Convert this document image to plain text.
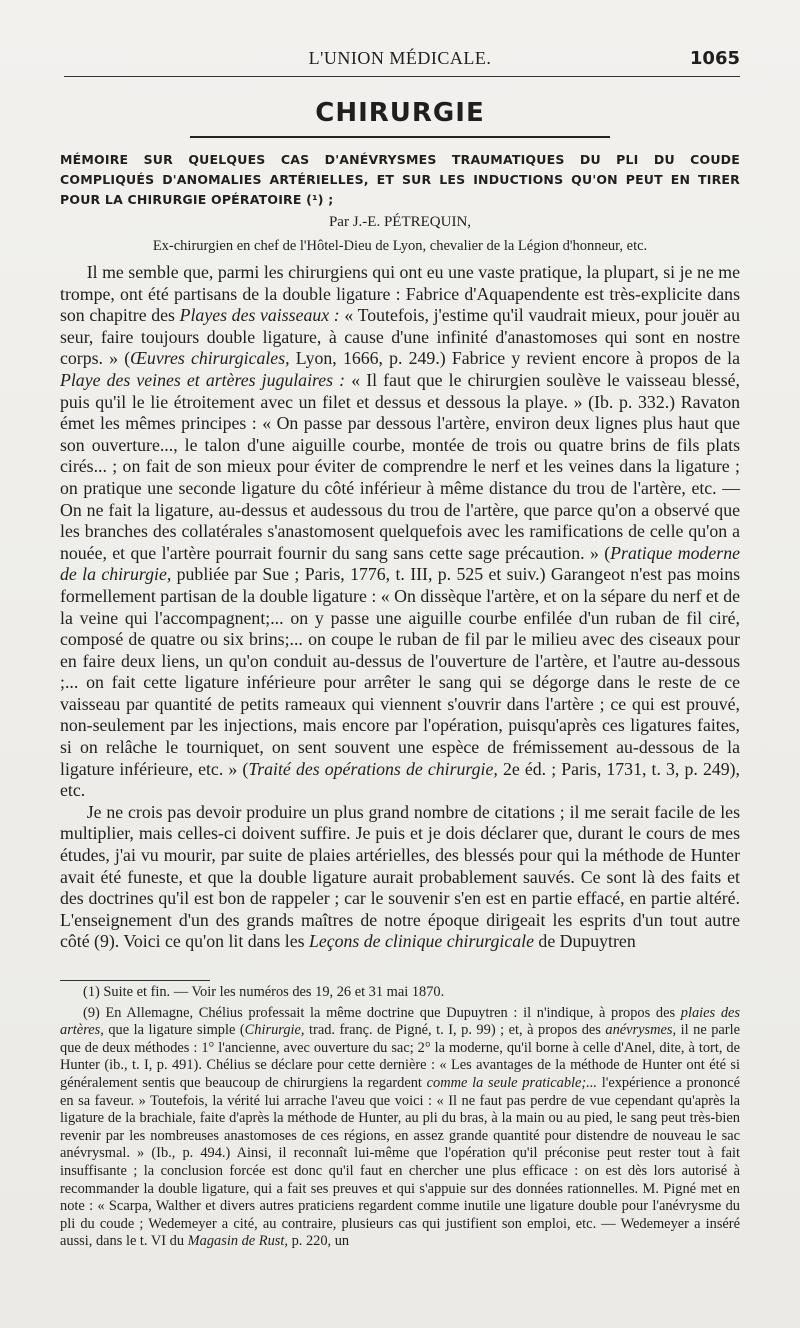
L'UNION MÉDICALE.	1065
CHIRURGIE
MÉMOIRE SUR QUELQUES CAS D'ANÉVRYSMES TRAUMATIQUES DU PLI DU COUDE COMPLIQUÉS D'ANOMALIES ARTÉRIELLES, ET SUR LES INDUCTIONS QU'ON PEUT EN TIRER POUR LA CHIRURGIE OPÉRATOIRE (¹) ;
Par J.-E. PÉTREQUIN,
Ex-chirurgien en chef de l'Hôtel-Dieu de Lyon, chevalier de la Légion d'honneur, etc.

Il me semble que, parmi les chirurgiens qui ont eu une vaste pratique, la plupart, si je ne me trompe, ont été partisans de la double ligature : Fabrice d'Aquapendente est très-explicite dans son chapitre des Playes des vaisseaux : « Toutefois, j'estime qu'il vaudrait mieux, pour jouër au seur, faire toujours double ligature, à cause d'une infinité d'anastomoses qui sont en nostre corps. » (Œuvres chirurgicales, Lyon, 1666, p. 249.) Fabrice y revient encore à propos de la Playe des veines et artères jugulaires : « Il faut que le chirurgien soulève le vaisseau blessé, puis qu'il le lie étroitement avec un filet et dessus et dessous la playe. » (Ib. p. 332.) Ravaton émet les mêmes principes : « On passe par dessous l'artère, environ deux lignes plus haut que son ouverture..., le talon d'une aiguille courbe, montée de trois ou quatre brins de fils plats cirés... ; on fait de son mieux pour éviter de comprendre le nerf et les veines dans la ligature ; on pratique une seconde ligature du côté inférieur à même distance du trou de l'artère, etc. — On ne fait la ligature, au-dessus et audessous du trou de l'artère, que parce qu'on a observé que les branches des collatérales s'anastomosent quelquefois avec les ramifications de celle qu'on a nouée, et que l'artère pourrait fournir du sang sans cette sage précaution. » (Pratique moderne de la chirurgie, publiée par Sue ; Paris, 1776, t. III, p. 525 et suiv.) Garangeot n'est pas moins formellement partisan de la double ligature : « On dissèque l'artère, et on la sépare du nerf et de la veine qui l'accompagnent;... on y passe une aiguille courbe enfilée d'un ruban de fil ciré, composé de quatre ou six brins;... on coupe le ruban de fil par le milieu avec des ciseaux pour en faire deux liens, un qu'on conduit au-dessus de l'ouverture de l'artère, et l'autre au-dessous ;... on fait cette ligature inférieure pour arrêter le sang qui se dégorge dans le reste de ce vaisseau par quantité de petits rameaux qui viennent s'ouvrir dans l'artère ; ce qui est prouvé, non-seulement par les injections, mais encore par l'opération, puisqu'après ces ligatures faites, si on relâche le tourniquet, on sent souvent une espèce de frémissement au-dessous de la ligature inférieure, etc. » (Traité des opérations de chirurgie, 2e éd. ; Paris, 1731, t. 3, p. 249), etc.

Je ne crois pas devoir produire un plus grand nombre de citations ; il me serait facile de les multiplier, mais celles-ci doivent suffire. Je puis et je dois déclarer que, durant le cours de mes études, j'ai vu mourir, par suite de plaies artérielles, des blessés pour qui la méthode de Hunter avait été funeste, et que la double ligature aurait probablement sauvés. Ce sont là des faits et des doctrines qu'il est bon de rappeler ; car le souvenir s'en est en partie effacé, en partie altéré. L'enseignement d'un des grands maîtres de notre époque dirigeait les esprits d'un tout autre côté (9). Voici ce qu'on lit dans les Leçons de clinique chirurgicale de Dupuytren

(1) Suite et fin. — Voir les numéros des 19, 26 et 31 mai 1870.

(9) En Allemagne, Chélius professait la même doctrine que Dupuytren : il n'indique, à propos des plaies des artères, que la ligature simple (Chirurgie, trad. franç. de Pigné, t. I, p. 99) ; et, à propos des anévrysmes, il ne parle que de deux méthodes : 1° l'ancienne, avec ouverture du sac; 2° la moderne, qu'il borne à celle d'Anel, dite, à tort, de Hunter (ib., t. I, p. 491). Chélius se déclare pour cette dernière : « Les avantages de la méthode de Hunter ont été si généralement sentis que beaucoup de chirurgiens la regardent comme la seule praticable;... l'expérience a prononcé en sa faveur. » Toutefois, la vérité lui arrache l'aveu que voici : « Il ne faut pas perdre de vue cependant qu'après la ligature de la brachiale, faite d'après la méthode de Hunter, au pli du bras, à la main ou au pied, le sang peut très-bien revenir par les nombreuses anastomoses de ces régions, en assez grande quantité pour distendre de nouveau le sac anévrysmal. » (Ib., p. 494.) Ainsi, il reconnaît lui-même que l'opération qu'il préconise peut rester tout à fait insuffisante ; la conclusion forcée est donc qu'il faut en chercher une plus efficace : on est dès lors autorisé à recommander la double ligature, qui a fait ses preuves et qui s'appuie sur des données rationnelles. M. Pigné met en note : « Scarpa, Walther et divers autres praticiens regardent comme inutile une ligature double pour l'anévrysme du pli du coude ; Wedemeyer a cité, au contraire, plusieurs cas qui justifient son emploi, etc. — Wedemeyer a inséré aussi, dans le t. VI du Magasin de Rust, p. 220, un
